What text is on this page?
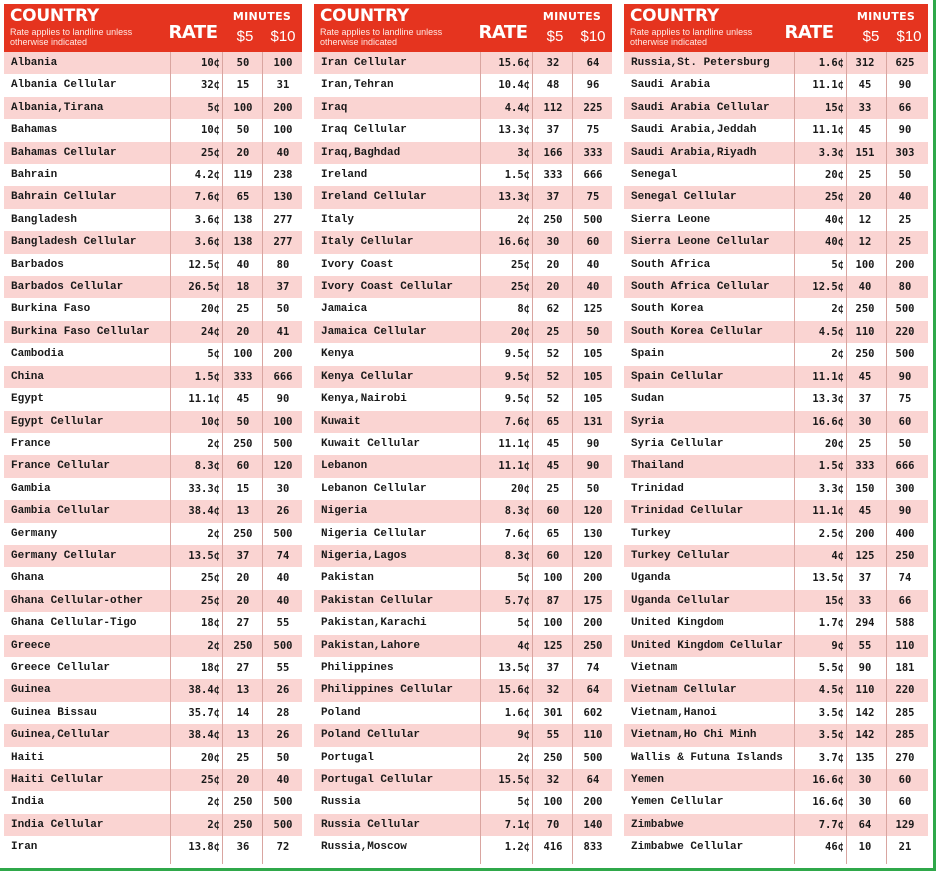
COUNTRY
Rate applies to landline unless otherwise indicated	RATE
MINUTES
$5	$10
Albania	10¢	50	100
Albania Cellular	32¢	15	31
Albania,Tirana	5¢	100	200
Bahamas	10¢	50	100
Bahamas Cellular	25¢	20	40
Bahrain	4.2¢	119	238
Bahrain Cellular	7.6¢	65	130
Bangladesh	3.6¢	138	277
Bangladesh Cellular	3.6¢	138	277
Barbados	12.5¢	40	80
Barbados Cellular	26.5¢	18	37
Burkina Faso	20¢	25	50
Burkina Faso Cellular	24¢	20	41
Cambodia	5¢	100	200
China	1.5¢	333	666
Egypt	11.1¢	45	90
Egypt Cellular	10¢	50	100
France	2¢	250	500
France Cellular	8.3¢	60	120
Gambia	33.3¢	15	30
Gambia Cellular	38.4¢	13	26
Germany	2¢	250	500
Germany Cellular	13.5¢	37	74
Ghana	25¢	20	40
Ghana Cellular-other	25¢	20	40
Ghana Cellular-Tigo	18¢	27	55
Greece	2¢	250	500
Greece Cellular	18¢	27	55
Guinea	38.4¢	13	26
Guinea Bissau	35.7¢	14	28
Guinea,Cellular	38.4¢	13	26
Haiti	20¢	25	50
Haiti Cellular	25¢	20	40
India	2¢	250	500
India Cellular	2¢	250	500
Iran	13.8¢	36	72
COUNTRY
Rate applies to landline unless otherwise indicated	RATE
MINUTES
$5	$10
Iran Cellular	15.6¢	32	64
Iran,Tehran	10.4¢	48	96
Iraq	4.4¢	112	225
Iraq Cellular	13.3¢	37	75
Iraq,Baghdad	3¢	166	333
Ireland	1.5¢	333	666
Ireland Cellular	13.3¢	37	75
Italy	2¢	250	500
Italy Cellular	16.6¢	30	60
Ivory Coast	25¢	20	40
Ivory Coast Cellular	25¢	20	40
Jamaica	8¢	62	125
Jamaica Cellular	20¢	25	50
Kenya	9.5¢	52	105
Kenya Cellular	9.5¢	52	105
Kenya,Nairobi	9.5¢	52	105
Kuwait	7.6¢	65	131
Kuwait Cellular	11.1¢	45	90
Lebanon	11.1¢	45	90
Lebanon Cellular	20¢	25	50
Nigeria	8.3¢	60	120
Nigeria Cellular	7.6¢	65	130
Nigeria,Lagos	8.3¢	60	120
Pakistan	5¢	100	200
Pakistan Cellular	5.7¢	87	175
Pakistan,Karachi	5¢	100	200
Pakistan,Lahore	4¢	125	250
Philippines	13.5¢	37	74
Philippines Cellular	15.6¢	32	64
Poland	1.6¢	301	602
Poland Cellular	9¢	55	110
Portugal	2¢	250	500
Portugal Cellular	15.5¢	32	64
Russia	5¢	100	200
Russia Cellular	7.1¢	70	140
Russia,Moscow	1.2¢	416	833
COUNTRY
Rate applies to landline unless otherwise indicated	RATE
MINUTES
$5	$10
Russia,St. Petersburg	1.6¢	312	625
Saudi Arabia	11.1¢	45	90
Saudi Arabia Cellular	15¢	33	66
Saudi Arabia,Jeddah	11.1¢	45	90
Saudi Arabia,Riyadh	3.3¢	151	303
Senegal	20¢	25	50
Senegal Cellular	25¢	20	40
Sierra Leone	40¢	12	25
Sierra Leone Cellular	40¢	12	25
South Africa	5¢	100	200
South Africa Cellular	12.5¢	40	80
South Korea	2¢	250	500
South Korea Cellular	4.5¢	110	220
Spain	2¢	250	500
Spain Cellular	11.1¢	45	90
Sudan	13.3¢	37	75
Syria	16.6¢	30	60
Syria Cellular	20¢	25	50
Thailand	1.5¢	333	666
Trinidad	3.3¢	150	300
Trinidad Cellular	11.1¢	45	90
Turkey	2.5¢	200	400
Turkey Cellular	4¢	125	250
Uganda	13.5¢	37	74
Uganda Cellular	15¢	33	66
United Kingdom	1.7¢	294	588
United Kingdom Cellular	9¢	55	110
Vietnam	5.5¢	90	181
Vietnam Cellular	4.5¢	110	220
Vietnam,Hanoi	3.5¢	142	285
Vietnam,Ho Chi Minh	3.5¢	142	285
Wallis & Futuna Islands	3.7¢	135	270
Yemen	16.6¢	30	60
Yemen Cellular	16.6¢	30	60
Zimbabwe	7.7¢	64	129
Zimbabwe Cellular	46¢	10	21
